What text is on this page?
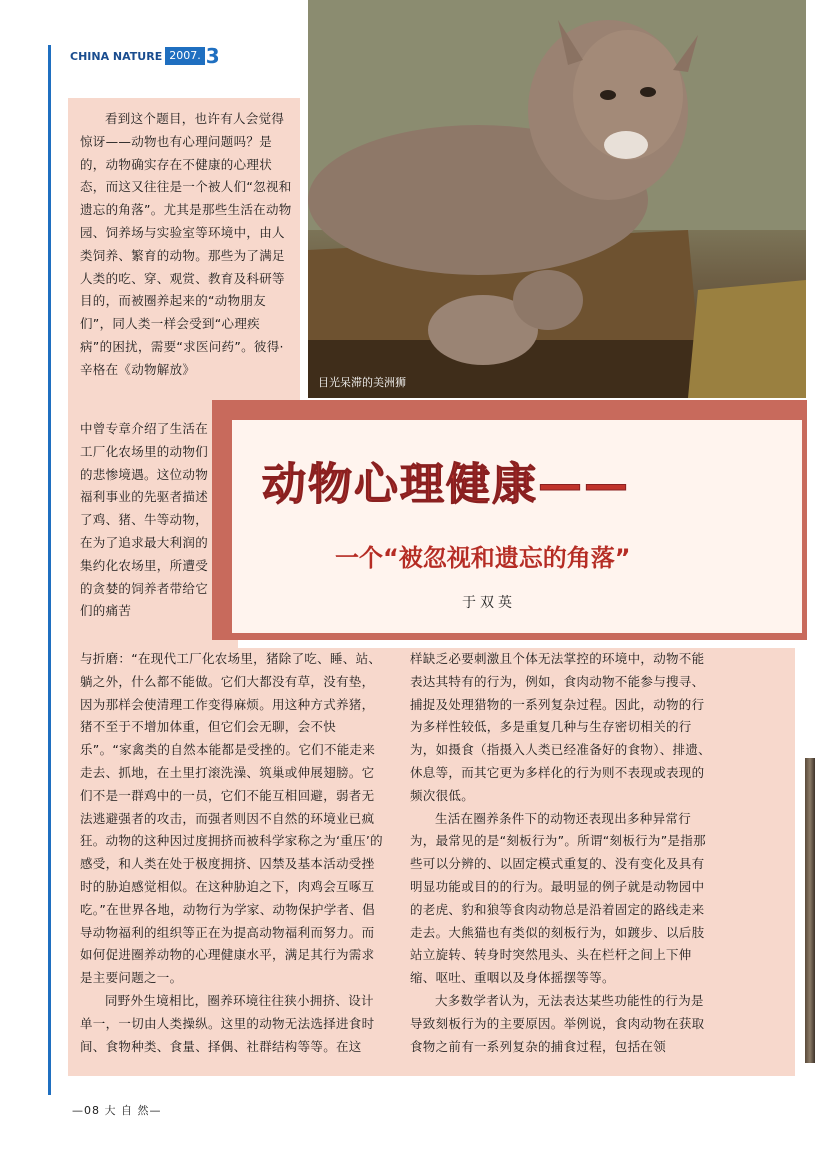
CHINA NATURE 2007. 3
目光呆滞的美洲狮
动物心理健康——
一个“被忽视和遗忘的角落”
于双英

看到这个题目，也许有人会觉得惊讶——动物也有心理问题吗？是的，动物确实存在不健康的心理状态，而这又往往是一个被人们“忽视和遗忘的角落”。尤其是那些生活在动物园、饲养场与实验室等环境中，由人类饲养、繁育的动物。那些为了满足人类的吃、穿、观赏、教育及科研等目的，而被圈养起来的“动物朋友们”，同人类一样会受到“心理疾病”的困扰，需要“求医问药”。彼得·辛格在《动物解放》

中曾专章介绍了生活在工厂化农场里的动物们的悲惨境遇。这位动物福利事业的先驱者描述了鸡、猪、牛等动物，在为了追求最大利润的集约化农场里，所遭受的贪婪的饲养者带给它们的痛苦

与折磨：“在现代工厂化农场里，猪除了吃、睡、站、躺之外，什么都不能做。它们大都没有草，没有垫，因为那样会使清理工作变得麻烦。用这种方式养猪，猪不至于不增加体重，但它们会无聊，会不快乐”。“家禽类的自然本能都是受挫的。它们不能走来走去、抓地，在土里打滚洗澡、筑巢或伸展翅膀。它们不是一群鸡中的一员，它们不能互相回避，弱者无法逃避强者的攻击，而强者则因不自然的环境业已疯狂。动物的这种因过度拥挤而被科学家称之为‘重压’的感受，和人类在处于极度拥挤、囚禁及基本活动受挫时的胁迫感觉相似。在这种胁迫之下，肉鸡会互啄互吃。”在世界各地，动物行为学家、动物保护学者、倡导动物福利的组织等正在为提高动物福利而努力。而如何促进圈养动物的心理健康水平，满足其行为需求是主要问题之一。

同野外生境相比，圈养环境往往狭小拥挤、设计单一，一切由人类操纵。这里的动物无法选择进食时间、食物种类、食量、择偶、社群结构等等。在这

样缺乏必要刺激且个体无法掌控的环境中，动物不能表达其特有的行为，例如，食肉动物不能参与搜寻、捕捉及处理猎物的一系列复杂过程。因此，动物的行为多样性较低，多是重复几种与生存密切相关的行为，如摄食（指摄入人类已经准备好的食物）、排遗、休息等，而其它更为多样化的行为则不表现或表现的频次很低。

生活在圈养条件下的动物还表现出多种异常行为，最常见的是“刻板行为”。所谓“刻板行为”是指那些可以分辨的、以固定模式重复的、没有变化及具有明显功能或目的的行为。最明显的例子就是动物园中的老虎、豹和狼等食肉动物总是沿着固定的路线走来走去。大熊猫也有类似的刻板行为，如踱步、以后肢站立旋转、转身时突然甩头、头在栏杆之间上下伸缩、呕吐、重咽以及身体摇摆等等。

大多数学者认为，无法表达某些功能性的行为是导致刻板行为的主要原因。举例说，食肉动物在获取食物之前有一系列复杂的捕食过程，包括在领

—08 大 自 然—
